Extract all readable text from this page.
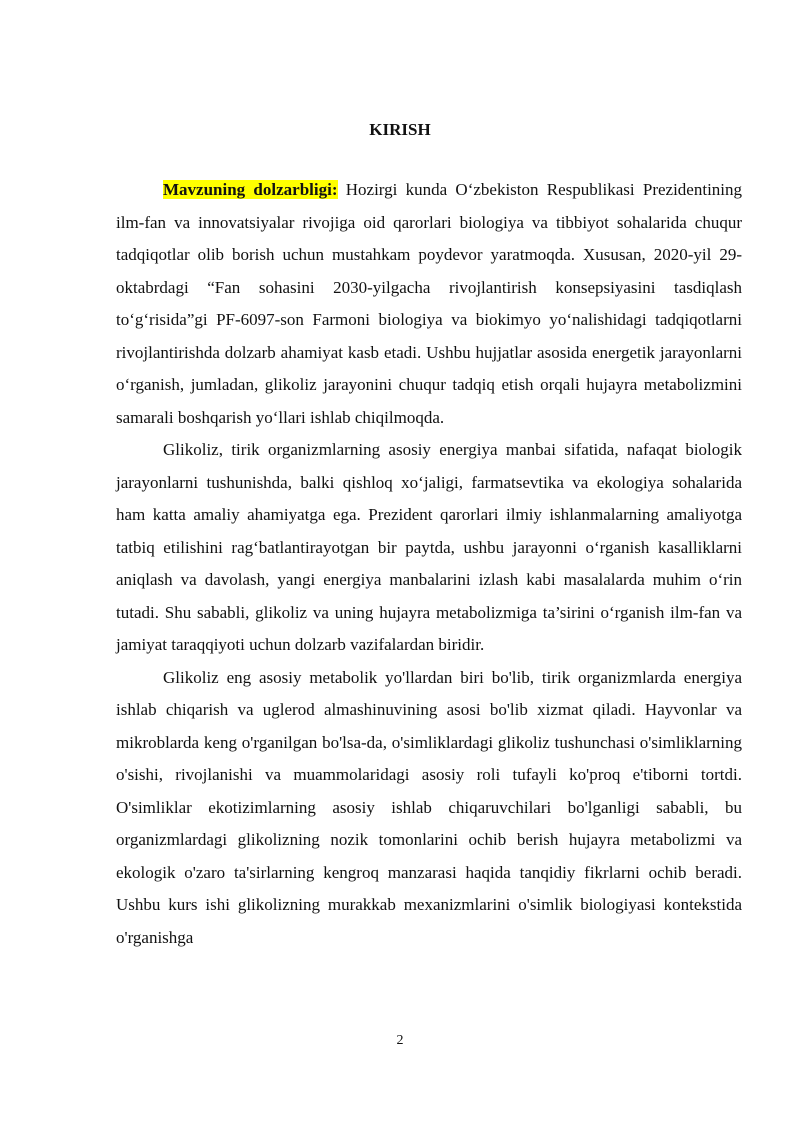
KIRISH

Mavzuning dolzarbligi: Hozirgi kunda O‘zbekiston Respublikasi Prezidentining ilm-fan va innovatsiyalar rivojiga oid qarorlari biologiya va tibbiyot sohalarida chuqur tadqiqotlar olib borish uchun mustahkam poydevor yaratmoqda. Xususan, 2020-yil 29-oktabrdagi “Fan sohasini 2030-yilgacha rivojlantirish konsepsiyasini tasdiqlash to‘g‘risida”gi PF-6097-son Farmoni biologiya va biokimyo yo‘nalishidagi tadqiqotlarni rivojlantirishda dolzarb ahamiyat kasb etadi. Ushbu hujjatlar asosida energetik jarayonlarni o‘rganish, jumladan, glikoliz jarayonini chuqur tadqiq etish orqali hujayra metabolizmini samarali boshqarish yo‘llari ishlab chiqilmoqda.

Glikoliz, tirik organizmlarning asosiy energiya manbai sifatida, nafaqat biologik jarayonlarni tushunishda, balki qishloq xo‘jaligi, farmatsevtika va ekologiya sohalarida ham katta amaliy ahamiyatga ega. Prezident qarorlari ilmiy ishlanmalarning amaliyotga tatbiq etilishini rag‘batlantirayotgan bir paytda, ushbu jarayonni o‘rganish kasalliklarni aniqlash va davolash, yangi energiya manbalarini izlash kabi masalalarda muhim o‘rin tutadi. Shu sababli, glikoliz va uning hujayra metabolizmiga ta’sirini o‘rganish ilm-fan va jamiyat taraqqiyoti uchun dolzarb vazifalardan biridir.

Glikoliz eng asosiy metabolik yo'llardan biri bo'lib, tirik organizmlarda energiya ishlab chiqarish va uglerod almashinuvining asosi bo'lib xizmat qiladi. Hayvonlar va mikroblarda keng o'rganilgan bo'lsa-da, o'simliklardagi glikoliz tushunchasi o'simliklarning o'sishi, rivojlanishi va muammolaridagi asosiy roli tufayli ko'proq e'tiborni tortdi. O'simliklar ekotizimlarning asosiy ishlab chiqaruvchilari bo'lganligi sababli, bu organizmlardagi glikolizning nozik tomonlarini ochib berish hujayra metabolizmi va ekologik o'zaro ta'sirlarning kengroq manzarasi haqida tanqidiy fikrlarni ochib beradi. Ushbu kurs ishi glikolizning murakkab mexanizmlarini o'simlik biologiyasi kontekstida o'rganishga

2
